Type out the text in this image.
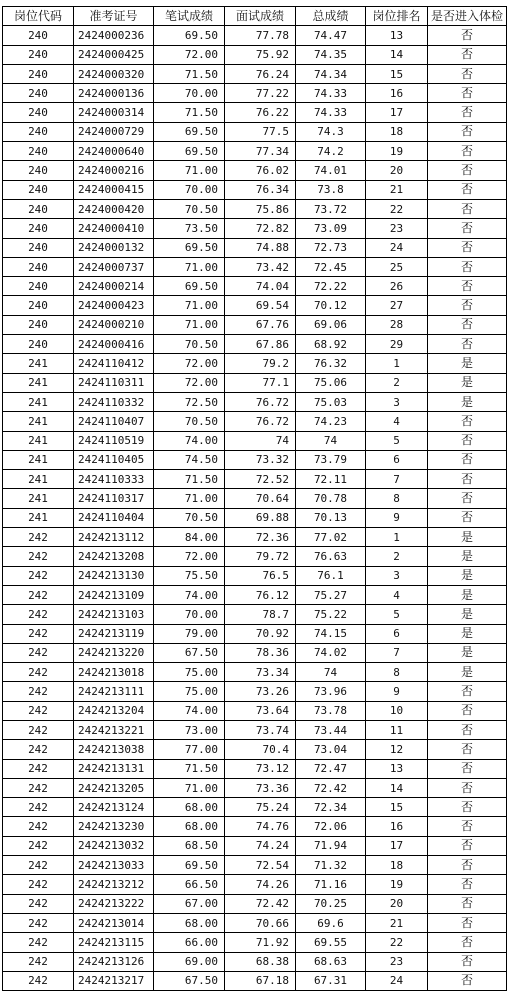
岗位代码	准考证号	笔试成绩	面试成绩	总成绩	岗位排名	是否进入体检
240	2424000236	69.50	77.78	74.47	13	否
240	2424000425	72.00	75.92	74.35	14	否
240	2424000320	71.50	76.24	74.34	15	否
240	2424000136	70.00	77.22	74.33	16	否
240	2424000314	71.50	76.22	74.33	17	否
240	2424000729	69.50	77.5	74.3	18	否
240	2424000640	69.50	77.34	74.2	19	否
240	2424000216	71.00	76.02	74.01	20	否
240	2424000415	70.00	76.34	73.8	21	否
240	2424000420	70.50	75.86	73.72	22	否
240	2424000410	73.50	72.82	73.09	23	否
240	2424000132	69.50	74.88	72.73	24	否
240	2424000737	71.00	73.42	72.45	25	否
240	2424000214	69.50	74.04	72.22	26	否
240	2424000423	71.00	69.54	70.12	27	否
240	2424000210	71.00	67.76	69.06	28	否
240	2424000416	70.50	67.86	68.92	29	否
241	2424110412	72.00	79.2	76.32	1	是
241	2424110311	72.00	77.1	75.06	2	是
241	2424110332	72.50	76.72	75.03	3	是
241	2424110407	70.50	76.72	74.23	4	否
241	2424110519	74.00	74	74	5	否
241	2424110405	74.50	73.32	73.79	6	否
241	2424110333	71.50	72.52	72.11	7	否
241	2424110317	71.00	70.64	70.78	8	否
241	2424110404	70.50	69.88	70.13	9	否
242	2424213112	84.00	72.36	77.02	1	是
242	2424213208	72.00	79.72	76.63	2	是
242	2424213130	75.50	76.5	76.1	3	是
242	2424213109	74.00	76.12	75.27	4	是
242	2424213103	70.00	78.7	75.22	5	是
242	2424213119	79.00	70.92	74.15	6	是
242	2424213220	67.50	78.36	74.02	7	是
242	2424213018	75.00	73.34	74	8	是
242	2424213111	75.00	73.26	73.96	9	否
242	2424213204	74.00	73.64	73.78	10	否
242	2424213221	73.00	73.74	73.44	11	否
242	2424213038	77.00	70.4	73.04	12	否
242	2424213131	71.50	73.12	72.47	13	否
242	2424213205	71.00	73.36	72.42	14	否
242	2424213124	68.00	75.24	72.34	15	否
242	2424213230	68.00	74.76	72.06	16	否
242	2424213032	68.50	74.24	71.94	17	否
242	2424213033	69.50	72.54	71.32	18	否
242	2424213212	66.50	74.26	71.16	19	否
242	2424213222	67.00	72.42	70.25	20	否
242	2424213014	68.00	70.66	69.6	21	否
242	2424213115	66.00	71.92	69.55	22	否
242	2424213126	69.00	68.38	68.63	23	否
242	2424213217	67.50	67.18	67.31	24	否
